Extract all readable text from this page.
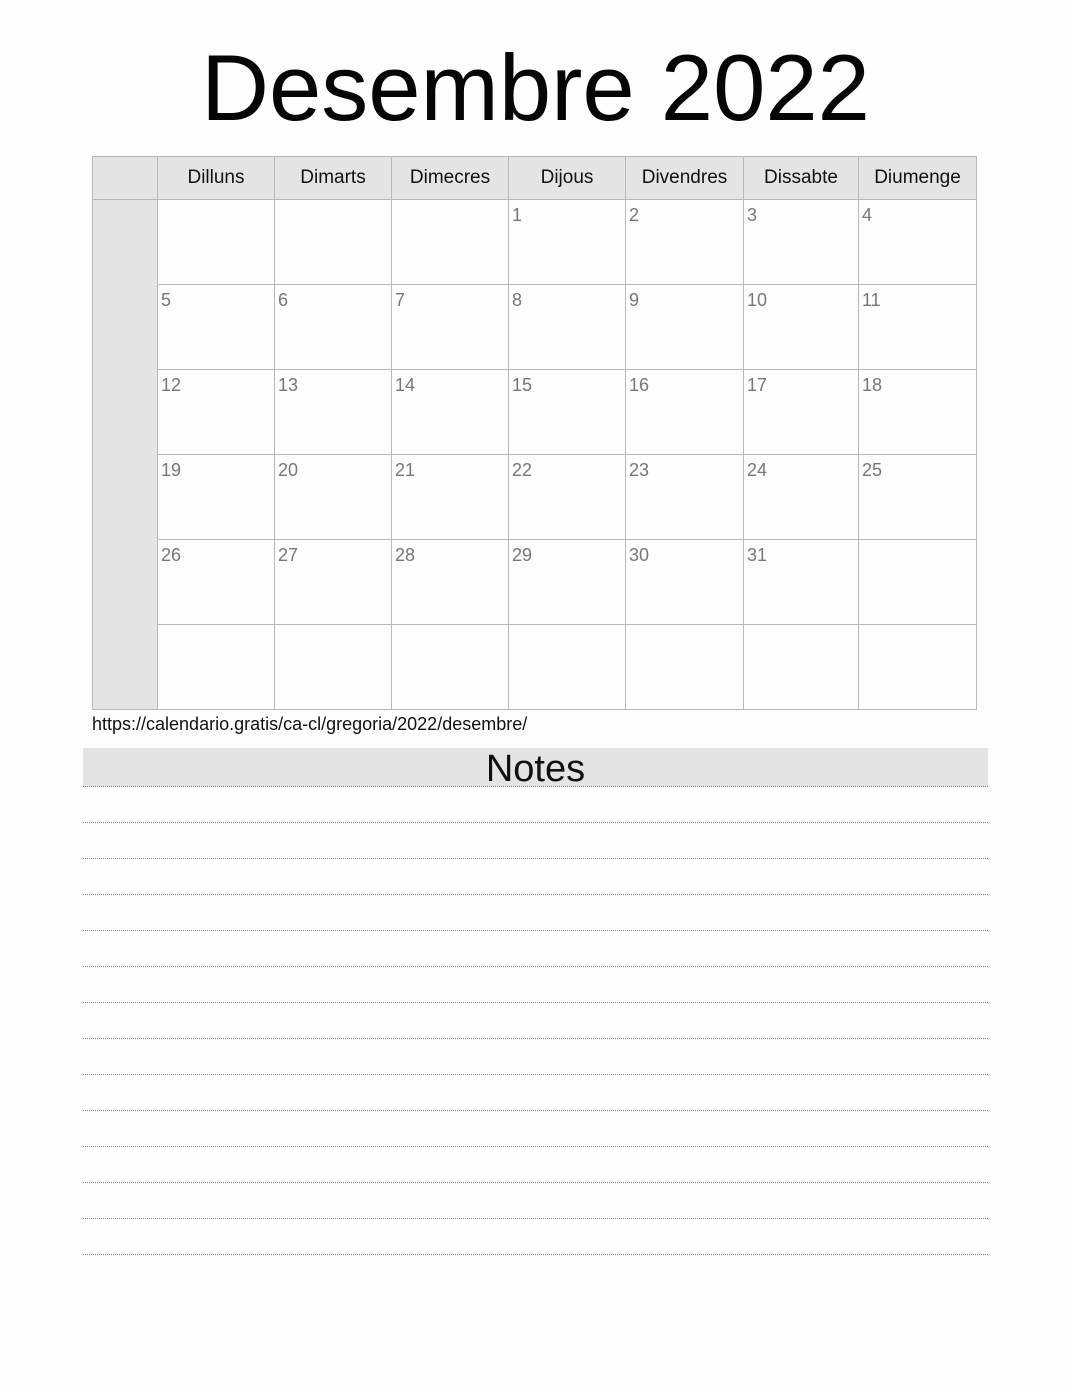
Desembre 2022
	Dilluns	Dimarts	Dimecres	Dijous	Divendres	Dissabte	Diumenge

				1	2	3	4

	5	6	7	8	9	10	11

	12	13	14	15	16	17	18

	19	20	21	22	23	24	25

	26	27	28	29	30	31	

https://calendario.gratis/ca-cl/gregoria/2022/desembre/
Notes
